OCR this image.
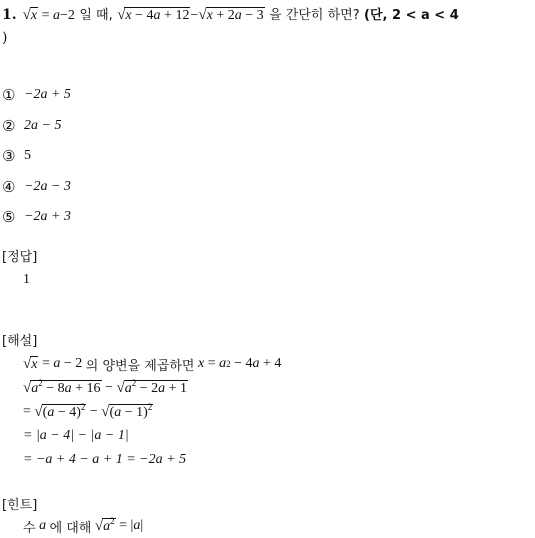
1. √x = a−2 일 때, √x − 4a + 12−√x + 2a − 3 을 간단히 하면? (단, 2 < a < 4
)
① −2a + 5
② 2a − 5
③ 5
④ −2a − 3
⑤ −2a + 3
[정답]
1
[해설]
√x = a − 2 의 양변을 제곱하면
x = a 2 − 4 a + 4
$√a^2 - 8a + 16 - √a^2 - 2a + 1$
= $√(a - 4)^2 - √(a - 1)^2$
= |a − 4| − |a − 1|
= −a + 4 − a + 1 = −2a + 5
[힌트]
수
a
에 대해
$√a^2$ = | a |
